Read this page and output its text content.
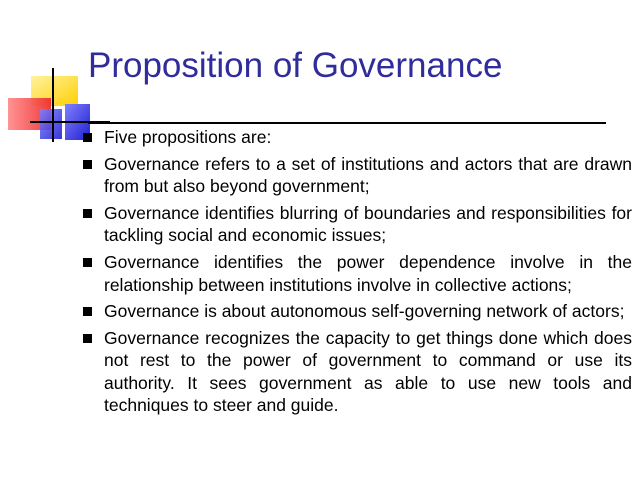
Proposition of Governance
Five propositions are:
Governance refers to a set of institutions and actors that are drawn from but also beyond government;
Governance identifies blurring of boundaries and responsibilities for tackling social and economic issues;
Governance identifies the power dependence involve in the relationship between institutions involve in collective actions;
Governance is about autonomous self-governing network of actors;
Governance recognizes the capacity to get things done which does not rest to the power of government to command or use its authority. It sees government as able to use new tools and techniques to steer and guide.
